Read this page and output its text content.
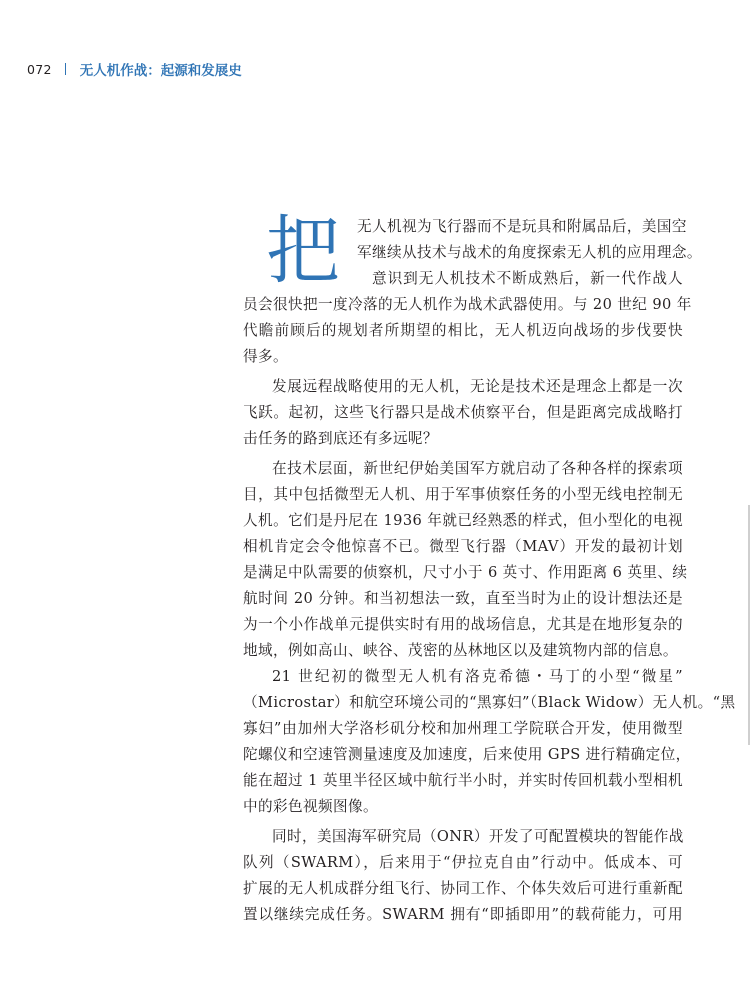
072 无人机作战：起源和发展史
把 无人机视为飞行器而不是玩具和附属品后，美国空
军继续从技术与战术的角度探索无人机的应用理念。
意识到无人机技术不断成熟后，新一代作战人
员会很快把一度冷落的无人机作为战术武器使用。与 20 世纪 90 年
代瞻前顾后的规划者所期望的相比，无人机迈向战场的步伐要快
得多。
发展远程战略使用的无人机，无论是技术还是理念上都是一次
飞跃。起初，这些飞行器只是战术侦察平台，但是距离完成战略打
击任务的路到底还有多远呢？
在技术层面，新世纪伊始美国军方就启动了各种各样的探索项
目，其中包括微型无人机、用于军事侦察任务的小型无线电控制无
人机。它们是丹尼在 1936 年就已经熟悉的样式，但小型化的电视
相机肯定会令他惊喜不已。微型飞行器（MAV）开发的最初计划
是满足中队需要的侦察机，尺寸小于 6 英寸、作用距离 6 英里、续
航时间 20 分钟。和当初想法一致，直至当时为止的设计想法还是
为一个小作战单元提供实时有用的战场信息，尤其是在地形复杂的
地域，例如高山、峡谷、茂密的丛林地区以及建筑物内部的信息。
21 世纪初的微型无人机有洛克希德・马丁的小型“微星”
（Microstar）和航空环境公司的“黑寡妇”（Black Widow）无人机。“黑
寡妇”由加州大学洛杉矶分校和加州理工学院联合开发，使用微型
陀螺仪和空速管测量速度及加速度，后来使用 GPS 进行精确定位，
能在超过 1 英里半径区域中航行半小时，并实时传回机载小型相机
中的彩色视频图像。
同时，美国海军研究局（ONR）开发了可配置模块的智能作战
队列（SWARM），后来用于“伊拉克自由”行动中。低成本、可
扩展的无人机成群分组飞行、协同工作、个体失效后可进行重新配
置以继续完成任务。SWARM 拥有“即插即用”的载荷能力，可用
